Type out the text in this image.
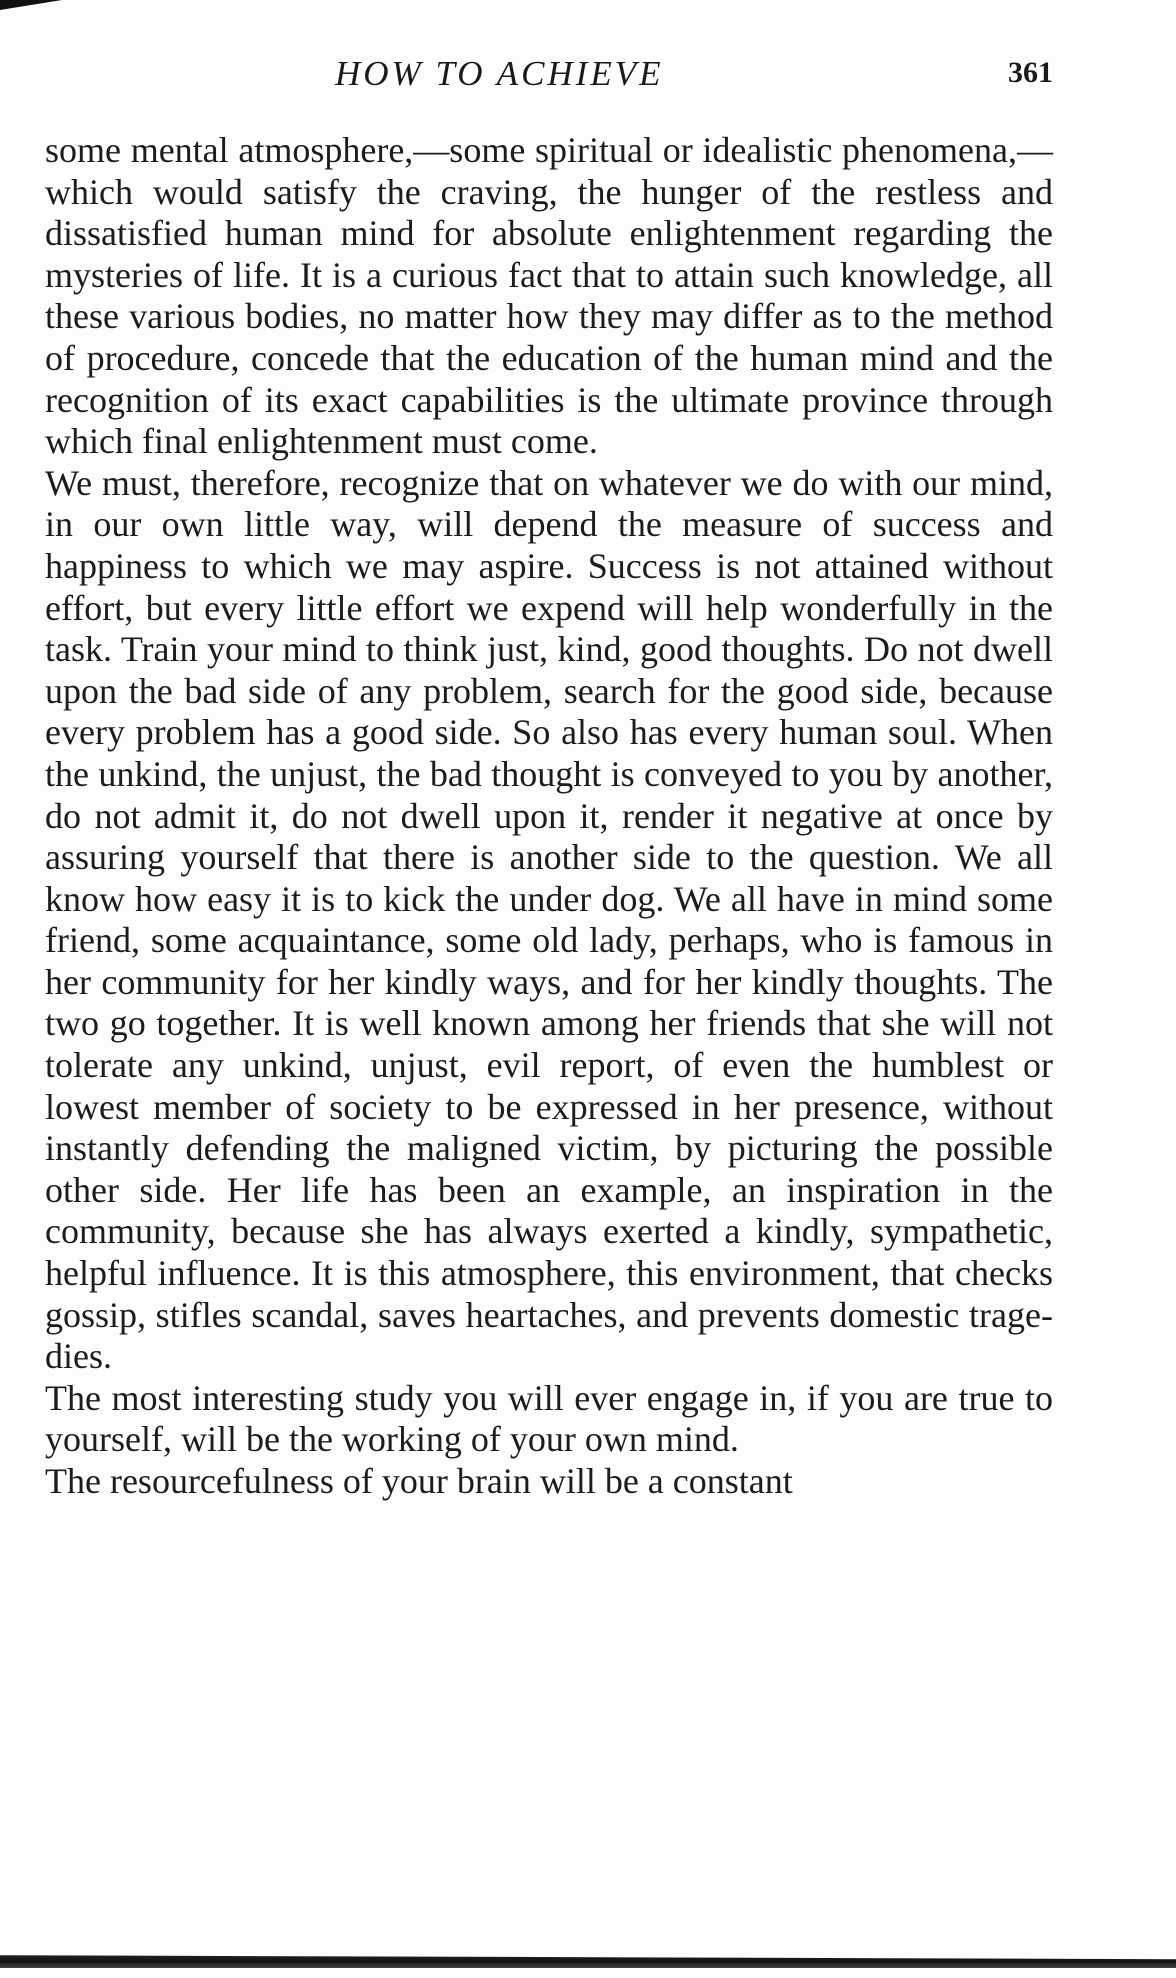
HOW TO ACHIEVE	361

some mental atmosphere,—some spiritual or idealistic phenomena,—which would satisfy the craving, the hunger of the restless and dissatisfied human mind for absolute enlightenment regarding the mysteries of life. It is a curious fact that to attain such knowledge, all these various bodies, no matter how they may differ as to the method of procedure, concede that the education of the human mind and the recognition of its exact capabilities is the ultimate province through which final enlightenment must come.

We must, therefore, recognize that on whatever we do with our mind, in our own little way, will depend the measure of success and happiness to which we may aspire. Success is not attained without effort, but every little effort we expend will help wonderfully in the task. Train your mind to think just, kind, good thoughts. Do not dwell upon the bad side of any problem, search for the good side, because every problem has a good side. So also has every human soul. When the unkind, the unjust, the bad thought is conveyed to you by another, do not admit it, do not dwell upon it, render it negative at once by assuring yourself that there is another side to the question. We all know how easy it is to kick the under dog. We all have in mind some friend, some acquaintance, some old lady, perhaps, who is famous in her community for her kindly ways, and for her kindly thoughts. The two go together. It is well known among her friends that she will not tolerate any unkind, unjust, evil report, of even the humblest or lowest member of society to be expressed in her presence, without instantly defending the maligned victim, by picturing the possible other side. Her life has been an example, an inspiration in the community, because she has always exerted a kindly, sympathetic, helpful influence. It is this atmosphere, this environment, that checks gossip, stifles scandal, saves heartaches, and prevents domestic tragedies.

The most interesting study you will ever engage in, if you are true to yourself, will be the working of your own mind.

The resourcefulness of your brain will be a constant
